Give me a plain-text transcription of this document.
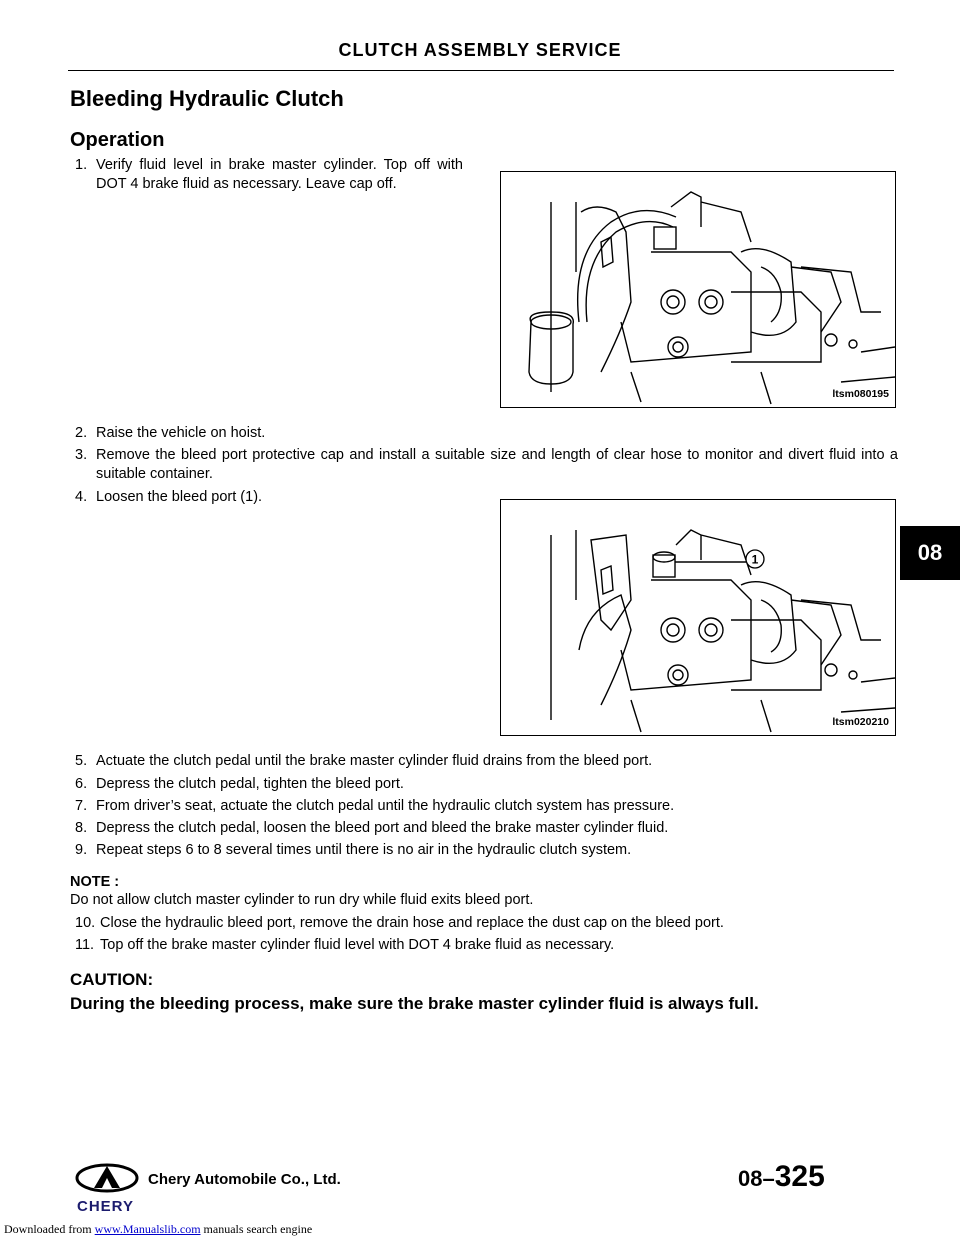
CLUTCH ASSEMBLY SERVICE
Bleeding Hydraulic Clutch
Operation
1. Verify fluid level in brake master cylinder. Top off with DOT 4 brake fluid as necessary. Leave cap off.
ltsm080195
2. Raise the vehicle on hoist.
3. Remove the bleed port protective cap and install a suitable size and length of clear hose to monitor and divert fluid into a suitable container.
4. Loosen the bleed port (1).
1
ltsm020210
08
5. Actuate the clutch pedal until the brake master cylinder fluid drains from the bleed port.
6. Depress the clutch pedal, tighten the bleed port.
7. From driver’s seat, actuate the clutch pedal until the hydraulic clutch system has pressure.
8. Depress the clutch pedal, loosen the bleed port and bleed the brake master cylinder fluid.
9. Repeat steps 6 to 8 several times until there is no air in the hydraulic clutch system.
NOTE :
Do not allow clutch master cylinder to run dry while fluid exits bleed port.
10. Close the hydraulic bleed port, remove the drain hose and replace the dust cap on the bleed port.
11. Top off the brake master cylinder fluid level with DOT 4 brake fluid as necessary.
CAUTION:
During the bleeding process, make sure the brake master cylinder fluid is always full.
CHERY
Chery Automobile Co., Ltd.	08–325
Downloaded from www.Manualslib.com manuals search engine
